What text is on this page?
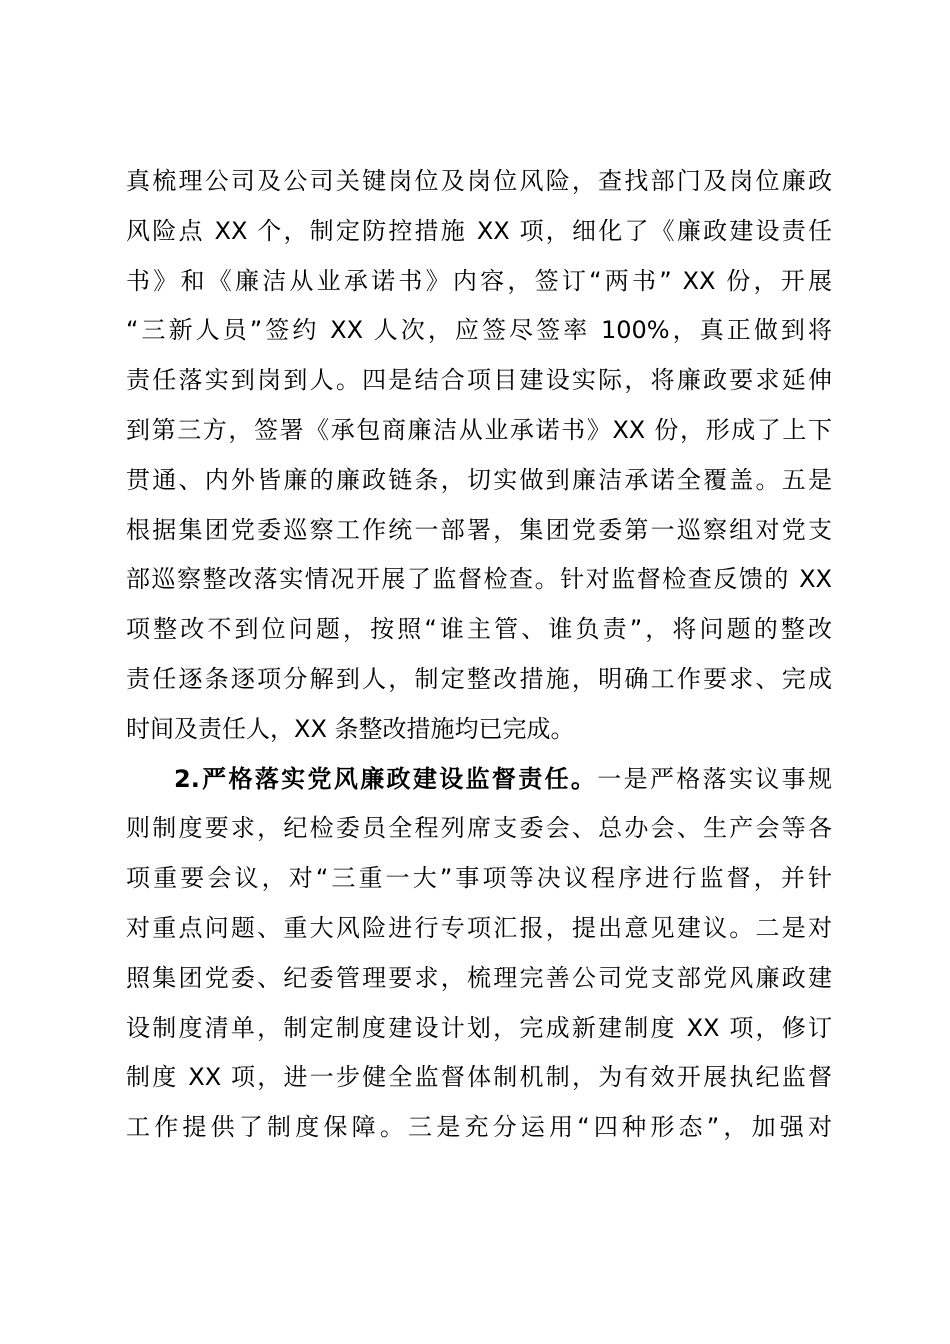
真梳理公司及公司关键岗位及岗位风险，查找部门及岗位廉政
风险点 XX 个，制定防控措施 XX 项，细化了《廉政建设责任
书》和《廉洁从业承诺书》内容，签订“两书” XX 份，开展
“三新人员”签约 XX 人次，应签尽签率 100%，真正做到将
责任落实到岗到人。四是结合项目建设实际，将廉政要求延伸
到第三方，签署《承包商廉洁从业承诺书》XX 份，形成了上下
贯通、内外皆廉的廉政链条，切实做到廉洁承诺全覆盖。五是
根据集团党委巡察工作统一部署，集团党委第一巡察组对党支
部巡察整改落实情况开展了监督检查。针对监督检查反馈的 XX
项整改不到位问题，按照“谁主管、谁负责”，将问题的整改
责任逐条逐项分解到人，制定整改措施，明确工作要求、完成
时间及责任人，XX 条整改措施均已完成。
2.严格落实党风廉政建设监督责任。一是严格落实议事规
则制度要求，纪检委员全程列席支委会、总办会、生产会等各
项重要会议，对“三重一大”事项等决议程序进行监督，并针
对重点问题、重大风险进行专项汇报，提出意见建议。二是对
照集团党委、纪委管理要求，梳理完善公司党支部党风廉政建
设制度清单，制定制度建设计划，完成新建制度 XX 项，修订
制度 XX 项，进一步健全监督体制机制，为有效开展执纪监督
工作提供了制度保障。三是充分运用“四种形态”，加强对
